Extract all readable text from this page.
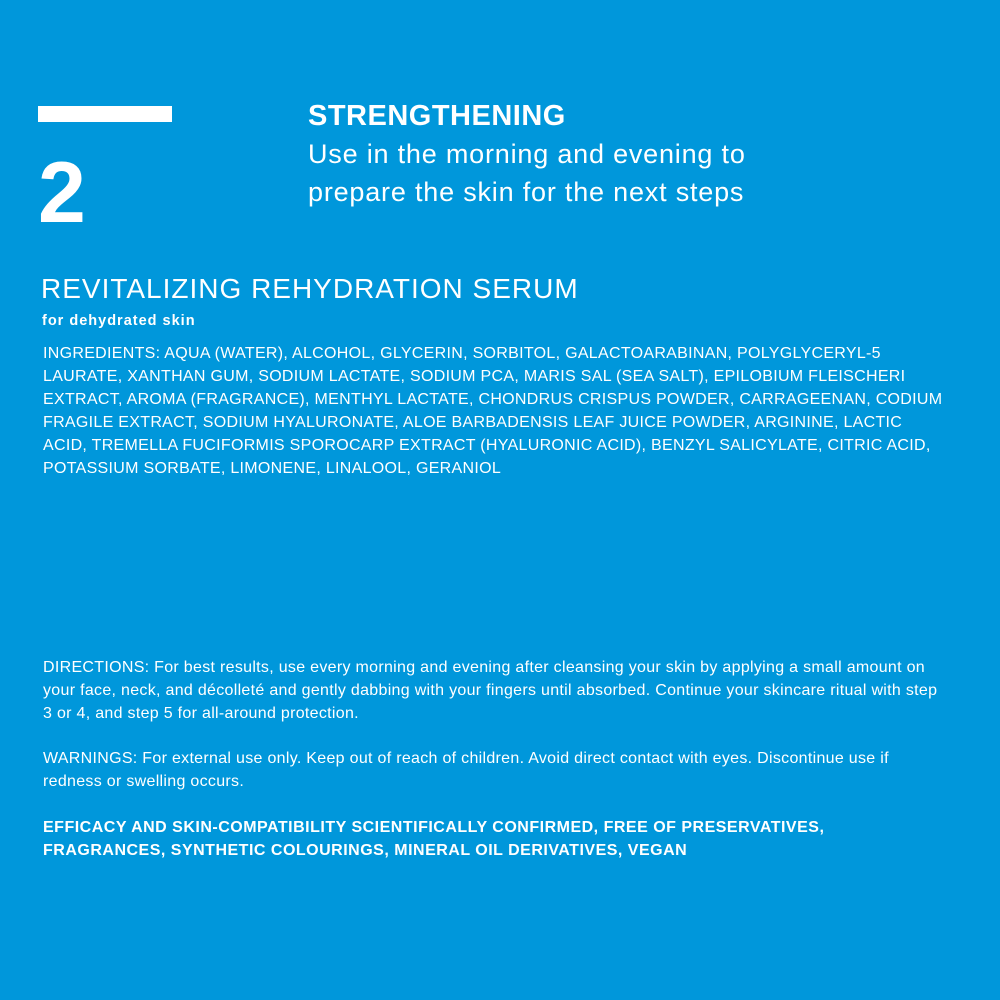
2
STRENGTHENING
Use in the morning and evening to prepare the skin for the next steps
REVITALIZING REHYDRATION SERUM
for dehydrated skin
INGREDIENTS: AQUA (WATER), ALCOHOL, GLYCERIN, SORBITOL, GALACTOARABINAN, POLYGLYCERYL-5 LAURATE, XANTHAN GUM, SODIUM LACTATE, SODIUM PCA, MARIS SAL (SEA SALT), EPILOBIUM FLEISCHERI EXTRACT, AROMA (FRAGRANCE), MENTHYL LACTATE, CHONDRUS CRISPUS POWDER, CARRAGEENAN, CODIUM FRAGILE EXTRACT, SODIUM HYALURONATE, ALOE BARBADENSIS LEAF JUICE POWDER, ARGININE, LACTIC ACID, TREMELLA FUCIFORMIS SPOROCARP EXTRACT (HYALURONIC ACID), BENZYL SALICYLATE, CITRIC ACID, POTASSIUM SORBATE, LIMONENE, LINALOOL, GERANIOL
DIRECTIONS: For best results, use every morning and evening after cleansing your skin by applying a small amount on your face, neck, and décolleté and gently dabbing with your fingers until absorbed. Continue your skincare ritual with step 3 or 4, and step 5 for all-around protection.
WARNINGS: For external use only. Keep out of reach of children. Avoid direct contact with eyes. Discontinue use if redness or swelling occurs.
EFFICACY AND SKIN-COMPATIBILITY SCIENTIFICALLY CONFIRMED, FREE OF PRESERVATIVES, FRAGRANCES, SYNTHETIC COLOURINGS, MINERAL OIL DERIVATIVES, VEGAN
